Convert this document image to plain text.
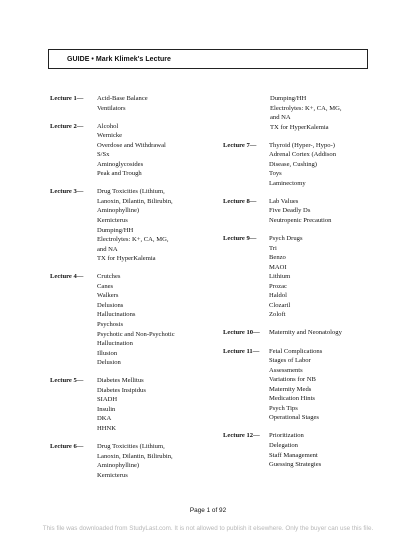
GUIDE • Mark Klimek's Lecture
Lecture 1—	Acid-Base Balance
Ventilators
Lecture 2—	Alcohol
Wernicke
Overdose and Withdrawal
S/Sx
Aminoglycosides
Peak and Trough
Lecture 3—	Drug Toxicities (Lithium,
Lanoxin, Dilantin, Bilirubin,
Aminophylline)
Kernicterus
Dumping/HH
Electrolytes: K+, CA, MG,
and NA
TX for HyperKalemia
Lecture 4—	Crutches
Canes
Walkers
Delusions
Hallucinations
Psychosis
Psychotic and Non-Psychotic
Hallucination
Illusion
Delusion
Lecture 5—	Diabetes Mellitus
Diabetes Insipidus
SIADH
Insulin
DKA
HHNK
Lecture 6—	Drug Toxicities (Lithium,
Lanoxin, Dilantin, Bilirubin,
Aminophylline)
Kernicterus
Dumping/HH
Electrolytes: K+, CA, MG,
and NA
TX for HyperKalemia
Lecture 7—	Thyroid (Hyper-, Hypo-)
Adrenal Cortex (Addison
Disease, Cushing)
Toys
Laminectomy
Lecture 8—	Lab Values
Five Deadly Ds
Neutropenic Precaution
Lecture 9—	Psych Drugs
Tri
Benzo
MAOI
Lithium
Prozac
Haldol
Clozaril
Zoloft
Lecture 10—	Maternity and Neonatology
Lecture 11—	Fetal Complications
Stages of Labor
Assessments
Variations for NB
Maternity Meds
Medication Hints
Psych Tips
Operational Stages
Lecture 12—	Prioritization
Delegation
Staff Management
Guessing Strategies
Page 1 of 92
This file was downloaded from StudyLast.com. It is not allowed to publish it elsewhere. Only the buyer can use this file.
